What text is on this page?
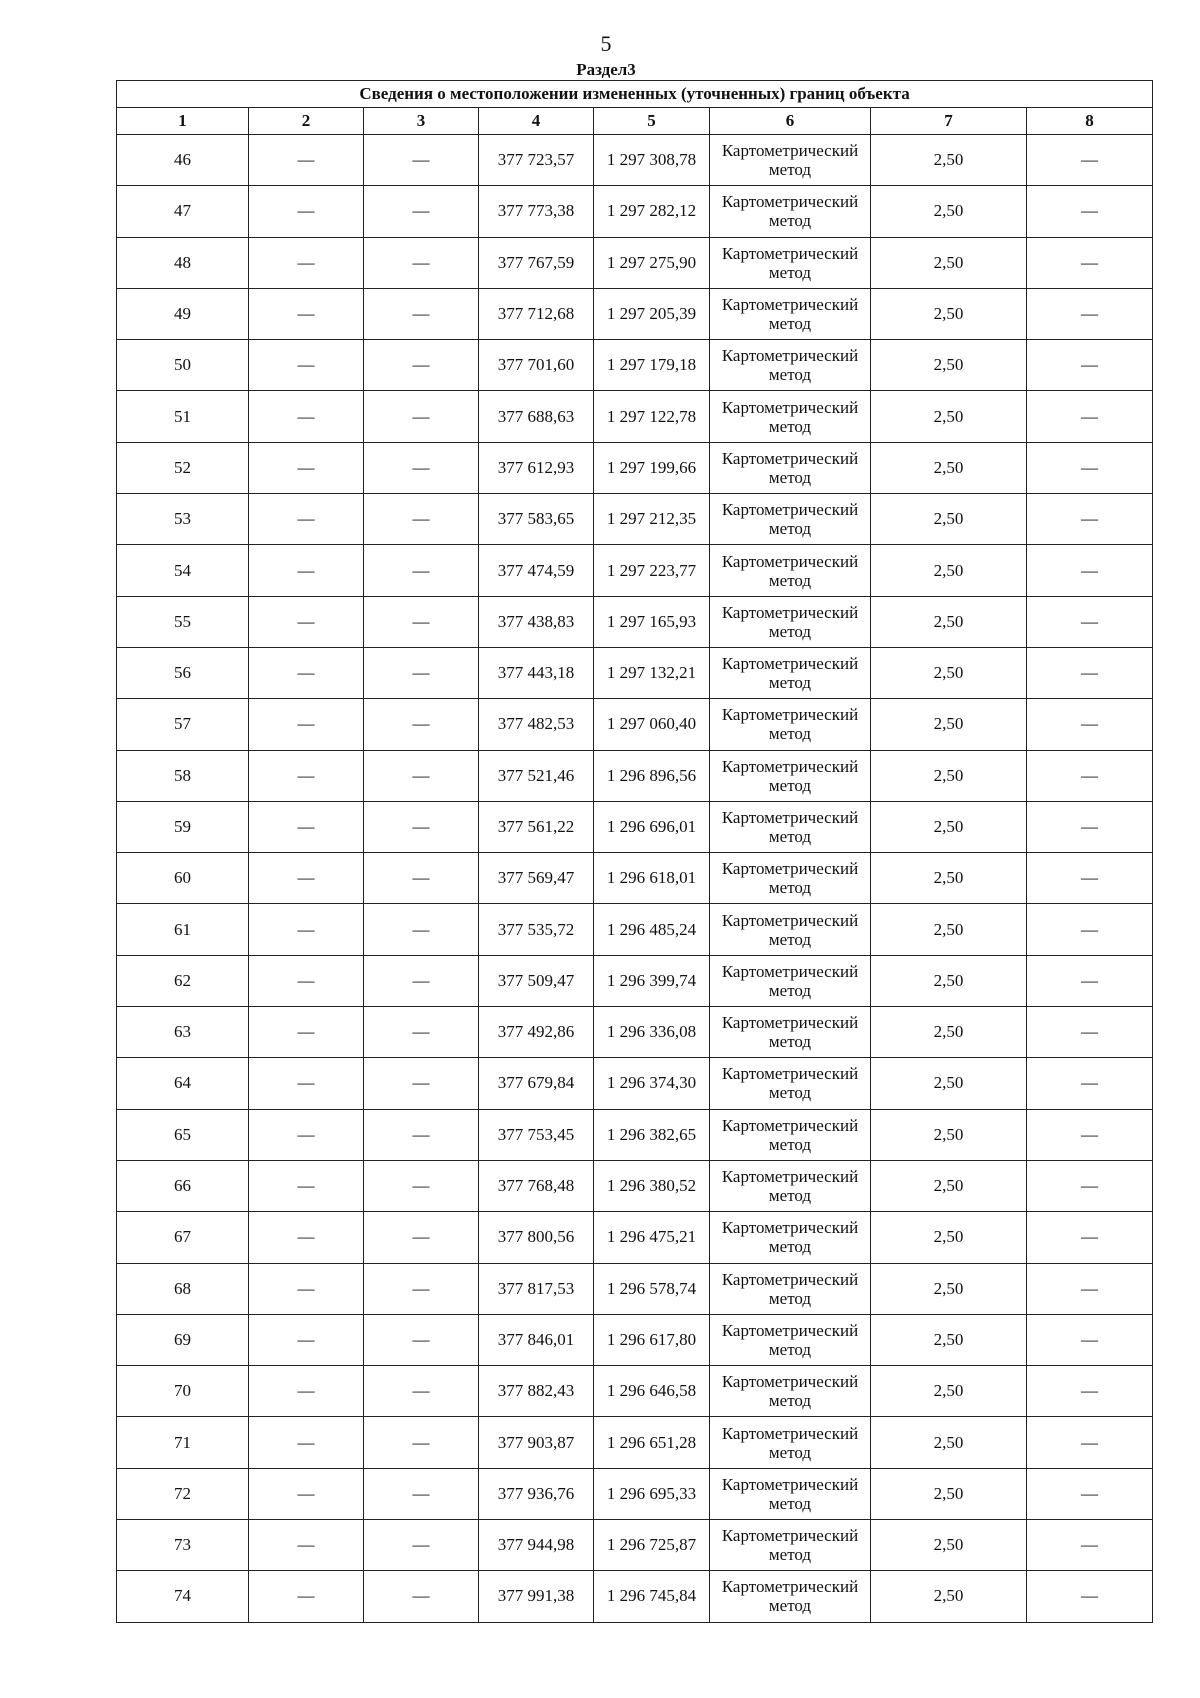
5
Раздел3
Сведения о местоположении измененных (уточненных) границ объекта							
1	2	3	4	5	6	7	8
46	—	—	377 723,57	1 297 308,78	Картометрический метод	2,50	—
47	—	—	377 773,38	1 297 282,12	Картометрический метод	2,50	—
48	—	—	377 767,59	1 297 275,90	Картометрический метод	2,50	—
49	—	—	377 712,68	1 297 205,39	Картометрический метод	2,50	—
50	—	—	377 701,60	1 297 179,18	Картометрический метод	2,50	—
51	—	—	377 688,63	1 297 122,78	Картометрический метод	2,50	—
52	—	—	377 612,93	1 297 199,66	Картометрический метод	2,50	—
53	—	—	377 583,65	1 297 212,35	Картометрический метод	2,50	—
54	—	—	377 474,59	1 297 223,77	Картометрический метод	2,50	—
55	—	—	377 438,83	1 297 165,93	Картометрический метод	2,50	—
56	—	—	377 443,18	1 297 132,21	Картометрический метод	2,50	—
57	—	—	377 482,53	1 297 060,40	Картометрический метод	2,50	—
58	—	—	377 521,46	1 296 896,56	Картометрический метод	2,50	—
59	—	—	377 561,22	1 296 696,01	Картометрический метод	2,50	—
60	—	—	377 569,47	1 296 618,01	Картометрический метод	2,50	—
61	—	—	377 535,72	1 296 485,24	Картометрический метод	2,50	—
62	—	—	377 509,47	1 296 399,74	Картометрический метод	2,50	—
63	—	—	377 492,86	1 296 336,08	Картометрический метод	2,50	—
64	—	—	377 679,84	1 296 374,30	Картометрический метод	2,50	—
65	—	—	377 753,45	1 296 382,65	Картометрический метод	2,50	—
66	—	—	377 768,48	1 296 380,52	Картометрический метод	2,50	—
67	—	—	377 800,56	1 296 475,21	Картометрический метод	2,50	—
68	—	—	377 817,53	1 296 578,74	Картометрический метод	2,50	—
69	—	—	377 846,01	1 296 617,80	Картометрический метод	2,50	—
70	—	—	377 882,43	1 296 646,58	Картометрический метод	2,50	—
71	—	—	377 903,87	1 296 651,28	Картометрический метод	2,50	—
72	—	—	377 936,76	1 296 695,33	Картометрический метод	2,50	—
73	—	—	377 944,98	1 296 725,87	Картометрический метод	2,50	—
74	—	—	377 991,38	1 296 745,84	Картометрический метод	2,50	—
